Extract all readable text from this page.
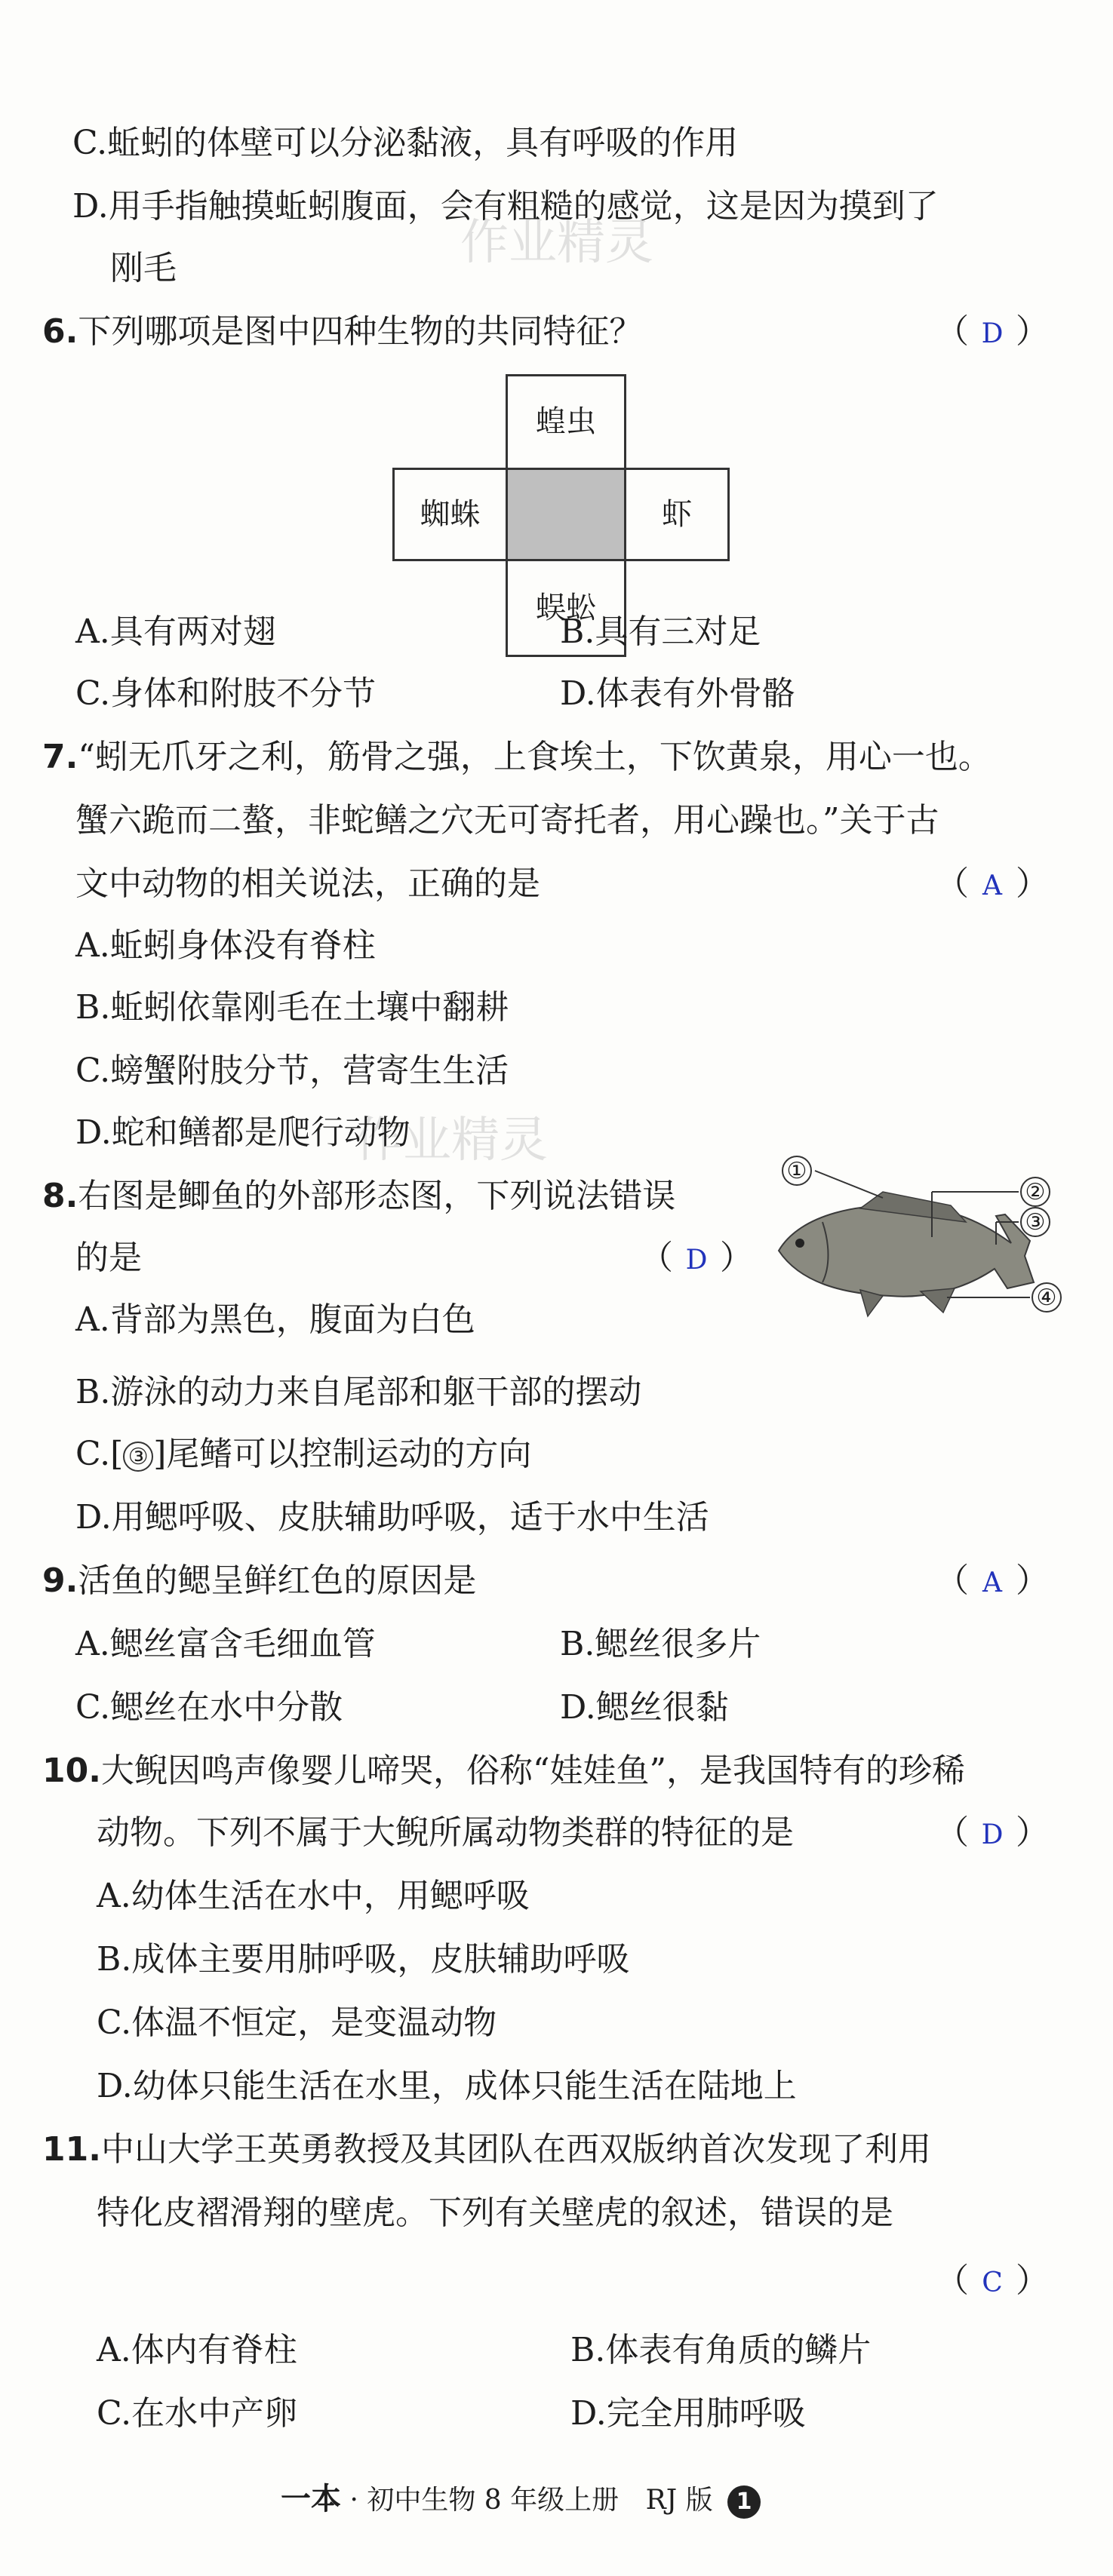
作业精灵
作业精灵
C.蚯蚓的体壁可以分泌黏液，具有呼吸的作用
D.用手指触摸蚯蚓腹面，会有粗糙的感觉，这是因为摸到了
刚毛
6.下列哪项是图中四种生物的共同特征？	（ D ）
蝗虫
蜘蛛	虾
蜈蚣
A.具有两对翅	B.具有三对足
C.身体和附肢不分节	D.体表有外骨骼
7.“蚓无爪牙之利，筋骨之强，上食埃土，下饮黄泉，用心一也。
蟹六跪而二螯，非蛇鳝之穴无可寄托者，用心躁也。”关于古
文中动物的相关说法，正确的是	（ A ）
A.蚯蚓身体没有脊柱
B.蚯蚓依靠刚毛在土壤中翻耕
C.螃蟹附肢分节，营寄生生活
D.蛇和鳝都是爬行动物
8.右图是鲫鱼的外部形态图，下列说法错误
的是	（ D ）
①
②
③
④
A.背部为黑色，腹面为白色
B.游泳的动力来自尾部和躯干部的摆动
C.[ ③ ]尾鳍可以控制运动的方向
D.用鳃呼吸、皮肤辅助呼吸，适于水中生活
9.活鱼的鳃呈鲜红色的原因是	（ A ）
A.鳃丝富含毛细血管	B.鳃丝很多片
C.鳃丝在水中分散	D.鳃丝很黏
10.大鲵因鸣声像婴儿啼哭，俗称“娃娃鱼”，是我国特有的珍稀
动物。下列不属于大鲵所属动物类群的特征的是	（ D ）
A.幼体生活在水中，用鳃呼吸
B.成体主要用肺呼吸，皮肤辅助呼吸
C.体温不恒定，是变温动物
D.幼体只能生活在水里，成体只能生活在陆地上
11.中山大学王英勇教授及其团队在西双版纳首次发现了利用
特化皮褶滑翔的壁虎。下列有关壁虎的叙述，错误的是
（ C ）
A.体内有脊柱	B.体表有角质的鳞片
C.在水中产卵	D.完全用肺呼吸
一本 · 初中生物 8 年级上册 RJ 版 1
